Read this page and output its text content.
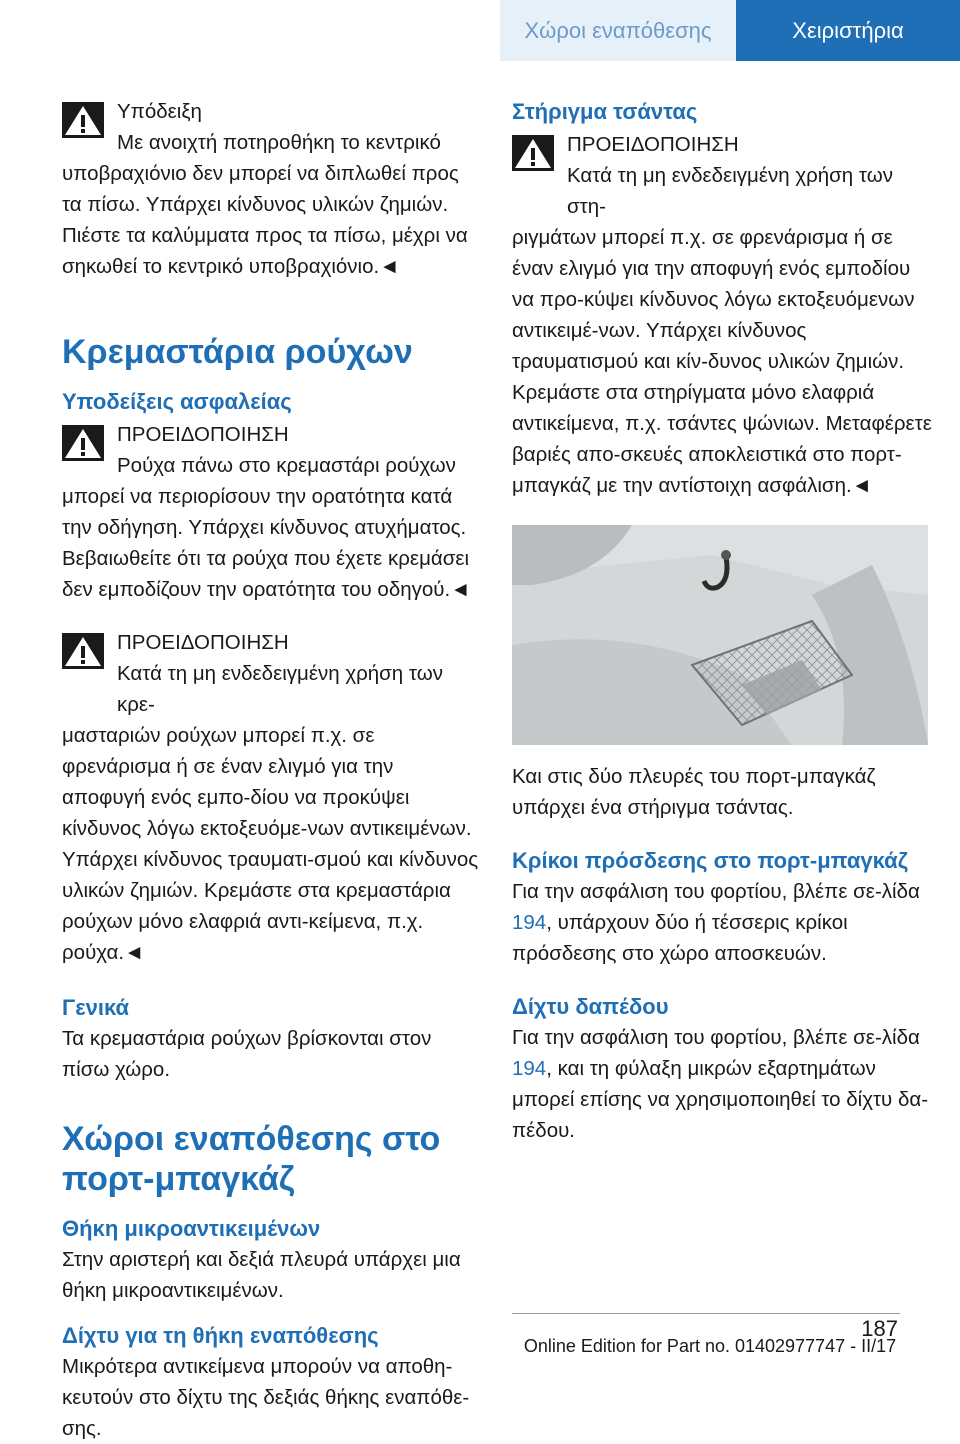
Χώροι εναπόθεσης	Χειριστήρια
Υπόδειξη
Με ανοιχτή ποτηροθήκη το κεντρικό

υποβραχιόνιο δεν μπορεί να διπλωθεί προς τα πίσω. Υπάρχει κίνδυνος υλικών ζημιών. Πιέστε τα καλύμματα προς τα πίσω, μέχρι να σηκωθεί το κεντρικό υποβραχιόνιο.◄

Κρεμαστάρια ρούχων
Υποδείξεις ασφαλείας
ΠΡΟΕΙΔΟΠΟΙΗΣΗ
Ρούχα πάνω στο κρεμαστάρι ρούχων

μπορεί να περιορίσουν την ορατότητα κατά την οδήγηση. Υπάρχει κίνδυνος ατυχήματος. Βεβαιωθείτε ότι τα ρούχα που έχετε κρεμάσει δεν εμποδίζουν την ορατότητα του οδηγού.◄

ΠΡΟΕΙΔΟΠΟΙΗΣΗ
Κατά τη μη ενδεδειγμένη χρήση των κρε-

μασταριών ρούχων μπορεί π.χ. σε φρενάρισμα ή σε έναν ελιγμό για την αποφυγή ενός εμπο-δίου να προκύψει κίνδυνος λόγω εκτοξευόμε-νων αντικειμένων. Υπάρχει κίνδυνος τραυματι-σμού και κίνδυνος υλικών ζημιών. Κρεμάστε στα κρεμαστάρια ρούχων μόνο ελαφριά αντι-κείμενα, π.χ. ρούχα.◄

Γενικά

Τα κρεμαστάρια ρούχων βρίσκονται στον πίσω χώρο.

Χώροι εναπόθεσης στο πορτ-μπαγκάζ
Θήκη μικροαντικειμένων

Στην αριστερή και δεξιά πλευρά υπάρχει μια θήκη μικροαντικειμένων.

Δίχτυ για τη θήκη εναπόθεσης

Μικρότερα αντικείμενα μπορούν να αποθη-κευτούν στο δίχτυ της δεξιάς θήκης εναπόθε-σης.

Στήριγμα τσάντας
ΠΡΟΕΙΔΟΠΟΙΗΣΗ
Κατά τη μη ενδεδειγμένη χρήση των στη-

ριγμάτων μπορεί π.χ. σε φρενάρισμα ή σε έναν ελιγμό για την αποφυγή ενός εμποδίου να προ-κύψει κίνδυνος λόγω εκτοξευόμενων αντικειμέ-νων. Υπάρχει κίνδυνος τραυματισμού και κίν-δυνος υλικών ζημιών. Κρεμάστε στα στηρίγματα μόνο ελαφριά αντικείμενα, π.χ. τσάντες ψώνιων. Μεταφέρετε βαριές απο-σκευές αποκλειστικά στο πορτ-μπαγκάζ με την αντίστοιχη ασφάλιση.◄

Και στις δύο πλευρές του πορτ-μπαγκάζ υπάρχει ένα στήριγμα τσάντας.

Κρίκοι πρόσδεσης στο πορτ-μπαγκάζ

Για την ασφάλιση του φορτίου, βλέπε σε-λίδα 194, υπάρχουν δύο ή τέσσερις κρίκοι πρόσδεσης στο χώρο αποσκευών.

Δίχτυ δαπέδου

Για την ασφάλιση του φορτίου, βλέπε σε-λίδα 194, και τη φύλαξη μικρών εξαρτημάτων μπορεί επίσης να χρησιμοποιηθεί το δίχτυ δα-πέδου.

187
Online Edition for Part no. 01402977747 - II/17
